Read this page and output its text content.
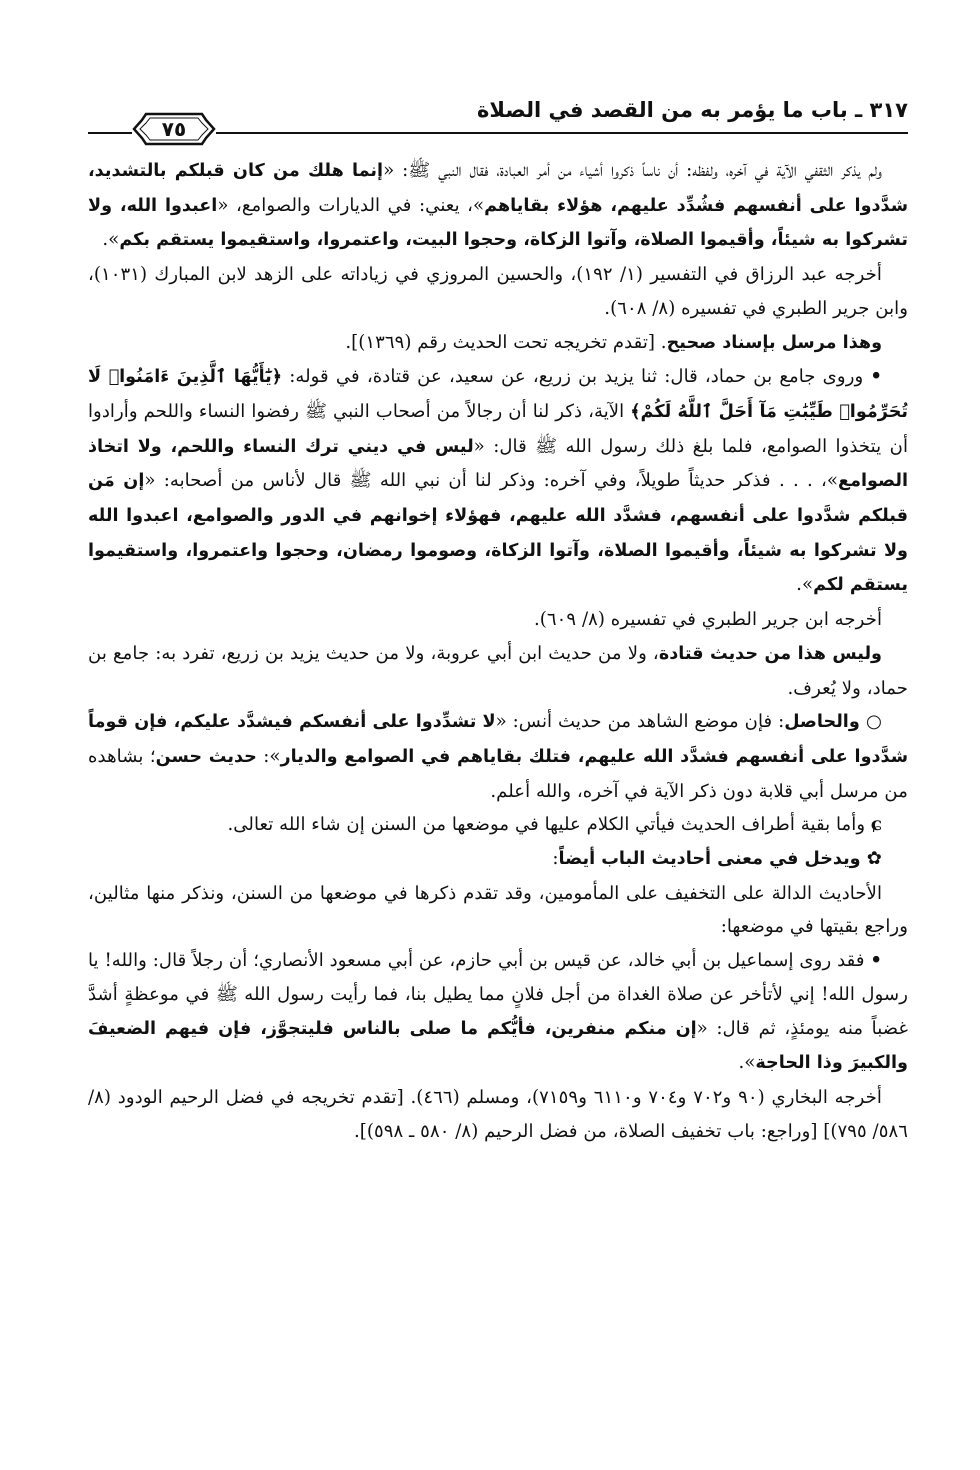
٣١٧ ـ باب ما يؤمر به من القصد في الصلاة
٧٥

ولم يذكر الثقفي الآية في آخره، ولفظه: أن ناساً ذكروا أشياء من أمر العبادة، فقال النبي ﷺ: «إنما هلك من كان قبلكم بالتشديد، شدَّدوا على أنفسهم فشُدِّد عليهم، هؤلاء بقاياهم»، يعني: في الديارات والصوامع، «اعبدوا الله، ولا تشركوا به شيئاً، وأقيموا الصلاة، وآتوا الزكاة، وحجوا البيت، واعتمروا، واستقيموا يستقم بكم».

أخرجه عبد الرزاق في التفسير (١/ ١٩٢)، والحسين المروزي في زياداته على الزهد لابن المبارك (١٠٣١)، وابن جرير الطبري في تفسيره (٨/ ٦٠٨).

وهذا مرسل بإسناد صحيح. [تقدم تخريجه تحت الحديث رقم (١٣٦٩)].

• وروى جامع بن حماد، قال: ثنا يزيد بن زريع، عن سعيد، عن قتادة، في قوله: ﴿يَٰٓأَيُّهَا ٱلَّذِينَ ءَامَنُوا۟ لَا تُحَرِّمُوا۟ طَيِّبَٰتِ مَآ أَحَلَّ ٱللَّهُ لَكُمْ﴾ الآية، ذكر لنا أن رجالاً من أصحاب النبي ﷺ رفضوا النساء واللحم وأرادوا أن يتخذوا الصوامع، فلما بلغ ذلك رسول الله ﷺ قال: «ليس في ديني ترك النساء واللحم، ولا اتخاذ الصوامع»، . . . فذكر حديثاً طويلاً، وفي آخره: وذكر لنا أن نبي الله ﷺ قال لأناس من أصحابه: «إن مَن قبلكم شدَّدوا على أنفسهم، فشدَّد الله عليهم، فهؤلاء إخوانهم في الدور والصوامع، اعبدوا الله ولا تشركوا به شيئاً، وأقيموا الصلاة، وآتوا الزكاة، وصوموا رمضان، وحجوا واعتمروا، واستقيموا يستقم لكم».

أخرجه ابن جرير الطبري في تفسيره (٨/ ٦٠٩).

وليس هذا من حديث قتادة، ولا من حديث ابن أبي عروبة، ولا من حديث يزيد بن زريع، تفرد به: جامع بن حماد، ولا يُعرف.

○ والحاصل: فإن موضع الشاهد من حديث أنس: «لا تشدِّدوا على أنفسكم فيشدَّد عليكم، فإن قوماً شدَّدوا على أنفسهم فشدَّد الله عليهم، فتلك بقاياهم في الصوامع والديار»: حديث حسن؛ بشاهده من مرسل أبي قلابة دون ذكر الآية في آخره، والله أعلم.

ɕ وأما بقية أطراف الحديث فيأتي الكلام عليها في موضعها من السنن إن شاء الله تعالى.

✿ ويدخل في معنى أحاديث الباب أيضاً:

الأحاديث الدالة على التخفيف على المأمومين، وقد تقدم ذكرها في موضعها من السنن، ونذكر منها مثالين، وراجع بقيتها في موضعها:

• فقد روى إسماعيل بن أبي خالد، عن قيس بن أبي حازم، عن أبي مسعود الأنصاري؛ أن رجلاً قال: والله! يا رسول الله! إني لأتأخر عن صلاة الغداة من أجل فلانٍ مما يطيل بنا، فما رأيت رسول الله ﷺ في موعظةٍ أشدَّ غضباً منه يومئذٍ، ثم قال: «إن منكم منفرين، فأيُّكم ما صلى بالناس فليتجوَّز، فإن فيهم الضعيفَ والكبيرَ وذا الحاجة».

أخرجه البخاري (٩٠ و٧٠٢ و٧٠٤ و٦١١٠ و٧١٥٩)، ومسلم (٤٦٦). [تقدم تخريجه في فضل الرحيم الودود (٨/ ٥٨٦/ ٧٩٥)] [وراجع: باب تخفيف الصلاة، من فضل الرحيم (٨/ ٥٨٠ ـ ٥٩٨)].
